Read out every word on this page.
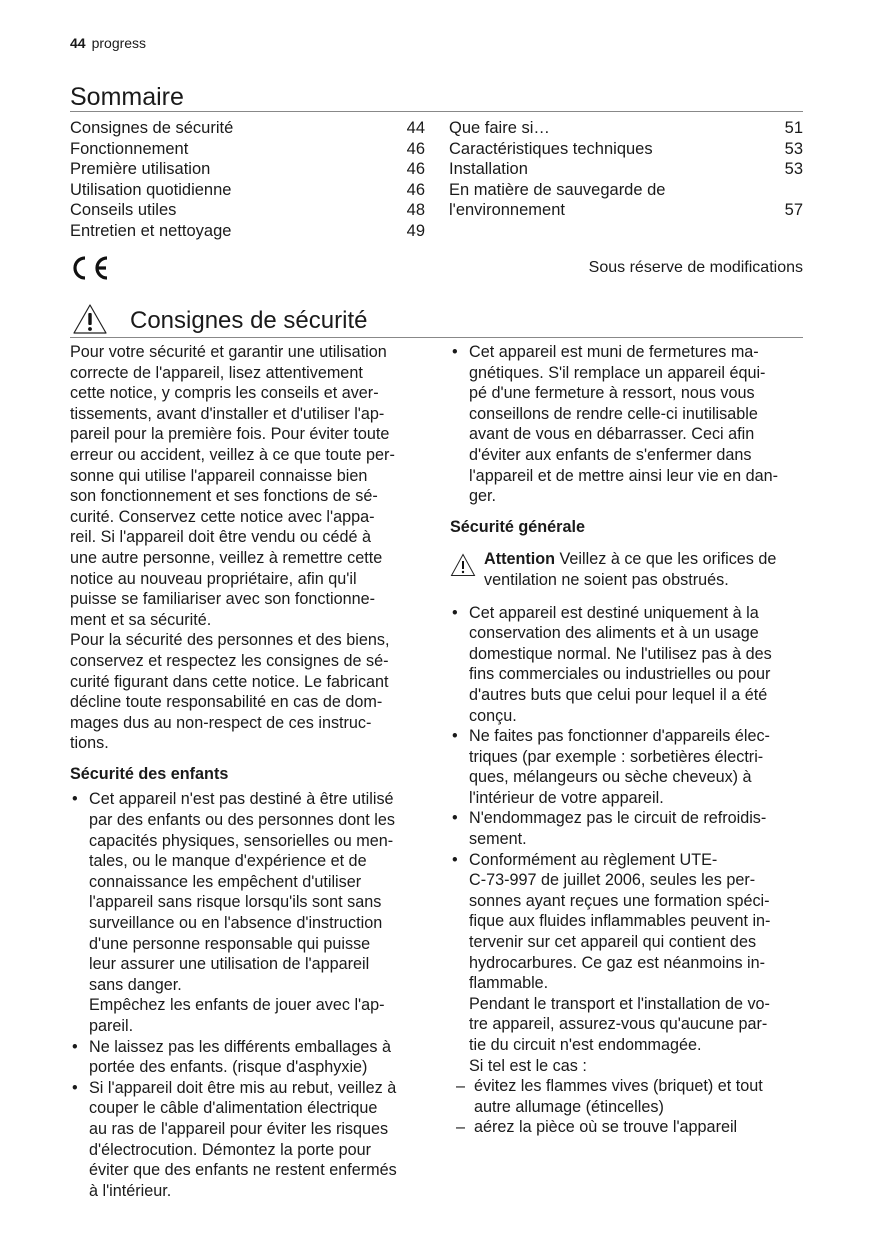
44 progress
Sommaire
Consignes de sécurité	44
Fonctionnement	46
Première utilisation	46
Utilisation quotidienne	46
Conseils utiles	48
Entretien et nettoyage	49
Que faire si…	51
Caractéristiques techniques	53
Installation	53
En matière de sauvegarde de
l'environnement	57
Sous réserve de modifications
Consignes de sécurité
Pour votre sécurité et garantir une utilisation
correcte de l'appareil, lisez attentivement
cette notice, y compris les conseils et aver-
tissements, avant d'installer et d'utiliser l'ap-
pareil pour la première fois. Pour éviter toute
erreur ou accident, veillez à ce que toute per-
sonne qui utilise l'appareil connaisse bien
son fonctionnement et ses fonctions de sé-
curité. Conservez cette notice avec l'appa-
reil. Si l'appareil doit être vendu ou cédé à
une autre personne, veillez à remettre cette
notice au nouveau propriétaire, afin qu'il
puisse se familiariser avec son fonctionne-
ment et sa sécurité.
Pour la sécurité des personnes et des biens,
conservez et respectez les consignes de sé-
curité figurant dans cette notice. Le fabricant
décline toute responsabilité en cas de dom-
mages dus au non-respect de ces instruc-
tions.
Sécurité des enfants
• Cet appareil n'est pas destiné à être utilisé
par des enfants ou des personnes dont les
capacités physiques, sensorielles ou men-
tales, ou le manque d'expérience et de
connaissance les empêchent d'utiliser
l'appareil sans risque lorsqu'ils sont sans
surveillance ou en l'absence d'instruction
d'une personne responsable qui puisse
leur assurer une utilisation de l'appareil
sans danger.
Empêchez les enfants de jouer avec l'ap-
pareil.
• Ne laissez pas les différents emballages à
portée des enfants. (risque d'asphyxie)
• Si l'appareil doit être mis au rebut, veillez à
couper le câble d'alimentation électrique
au ras de l'appareil pour éviter les risques
d'électrocution. Démontez la porte pour
éviter que des enfants ne restent enfermés
à l'intérieur.
• Cet appareil est muni de fermetures ma-
gnétiques. S'il remplace un appareil équi-
pé d'une fermeture à ressort, nous vous
conseillons de rendre celle-ci inutilisable
avant de vous en débarrasser. Ceci afin
d'éviter aux enfants de s'enfermer dans
l'appareil et de mettre ainsi leur vie en dan-
ger.
Sécurité générale
Attention Veillez à ce que les orifices de
ventilation ne soient pas obstrués.
• Cet appareil est destiné uniquement à la
conservation des aliments et à un usage
domestique normal. Ne l'utilisez pas à des
fins commerciales ou industrielles ou pour
d'autres buts que celui pour lequel il a été
conçu.
• Ne faites pas fonctionner d'appareils élec-
triques (par exemple : sorbetières électri-
ques, mélangeurs ou sèche cheveux) à
l'intérieur de votre appareil.
• N'endommagez pas le circuit de refroidis-
sement.
• Conformément au règlement UTE-
C-73-997 de juillet 2006, seules les per-
sonnes ayant reçues une formation spéci-
fique aux fluides inflammables peuvent in-
tervenir sur cet appareil qui contient des
hydrocarbures. Ce gaz est néanmoins in-
flammable.
Pendant le transport et l'installation de vo-
tre appareil, assurez-vous qu'aucune par-
tie du circuit n'est endommagée.
Si tel est le cas :
– évitez les flammes vives (briquet) et tout
autre allumage (étincelles)
– aérez la pièce où se trouve l'appareil
